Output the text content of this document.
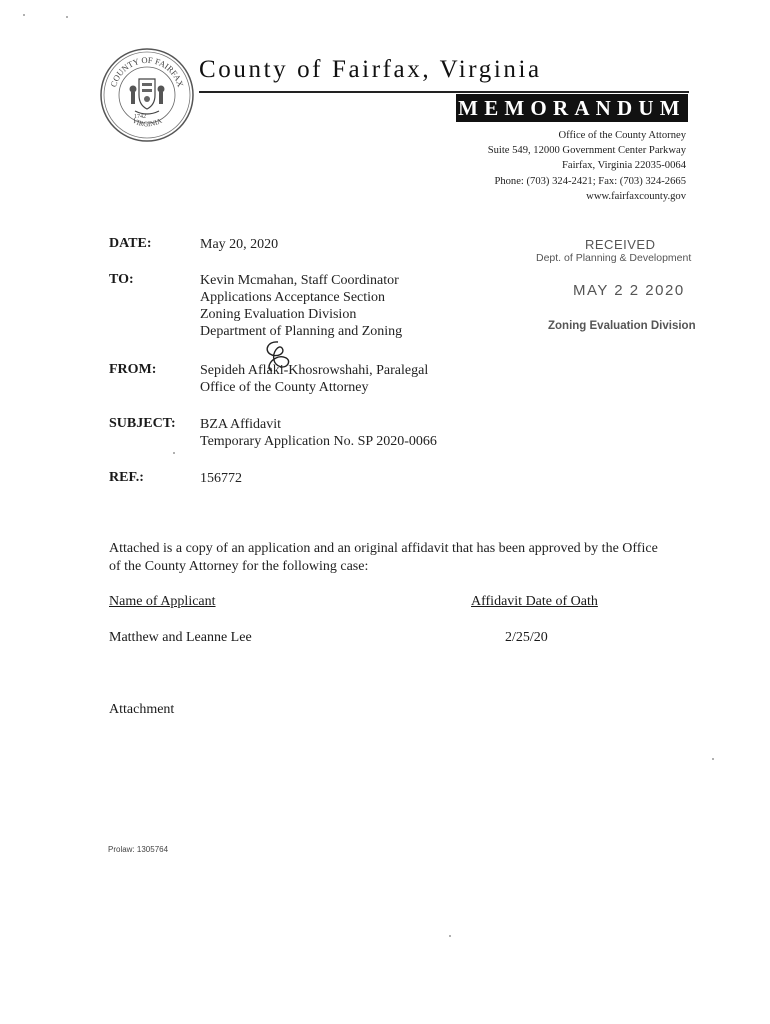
COUNTY OF FAIRFAX
VIRGINIA
1742
County of Fairfax, Virginia
MEMORANDUM
Office of the County Attorney
Suite 549, 12000 Government Center Parkway
Fairfax, Virginia 22035-0064
Phone: (703) 324-2421; Fax: (703) 324-2665
www.fairfaxcounty.gov
DATE:	May 20, 2020
TO:	Kevin Mcmahan, Staff Coordinator
Applications Acceptance Section
Zoning Evaluation Division
Department of Planning and Zoning
FROM:	Sepideh Aflaki-Khosrowshahi, Paralegal
Office of the County Attorney
SUBJECT: BZA Affidavit
Temporary Application No. SP 2020-0066
REF.:	156772
RECEIVED
Dept. of Planning & Development
MAY 2 2 2020
Zoning Evaluation Division
Attached is a copy of an application and an original affidavit that has been approved by the Office of the County Attorney for the following case:
Name of Applicant	Affidavit Date of Oath
Matthew and Leanne Lee	2/25/20
Attachment
Prolaw: 1305764
